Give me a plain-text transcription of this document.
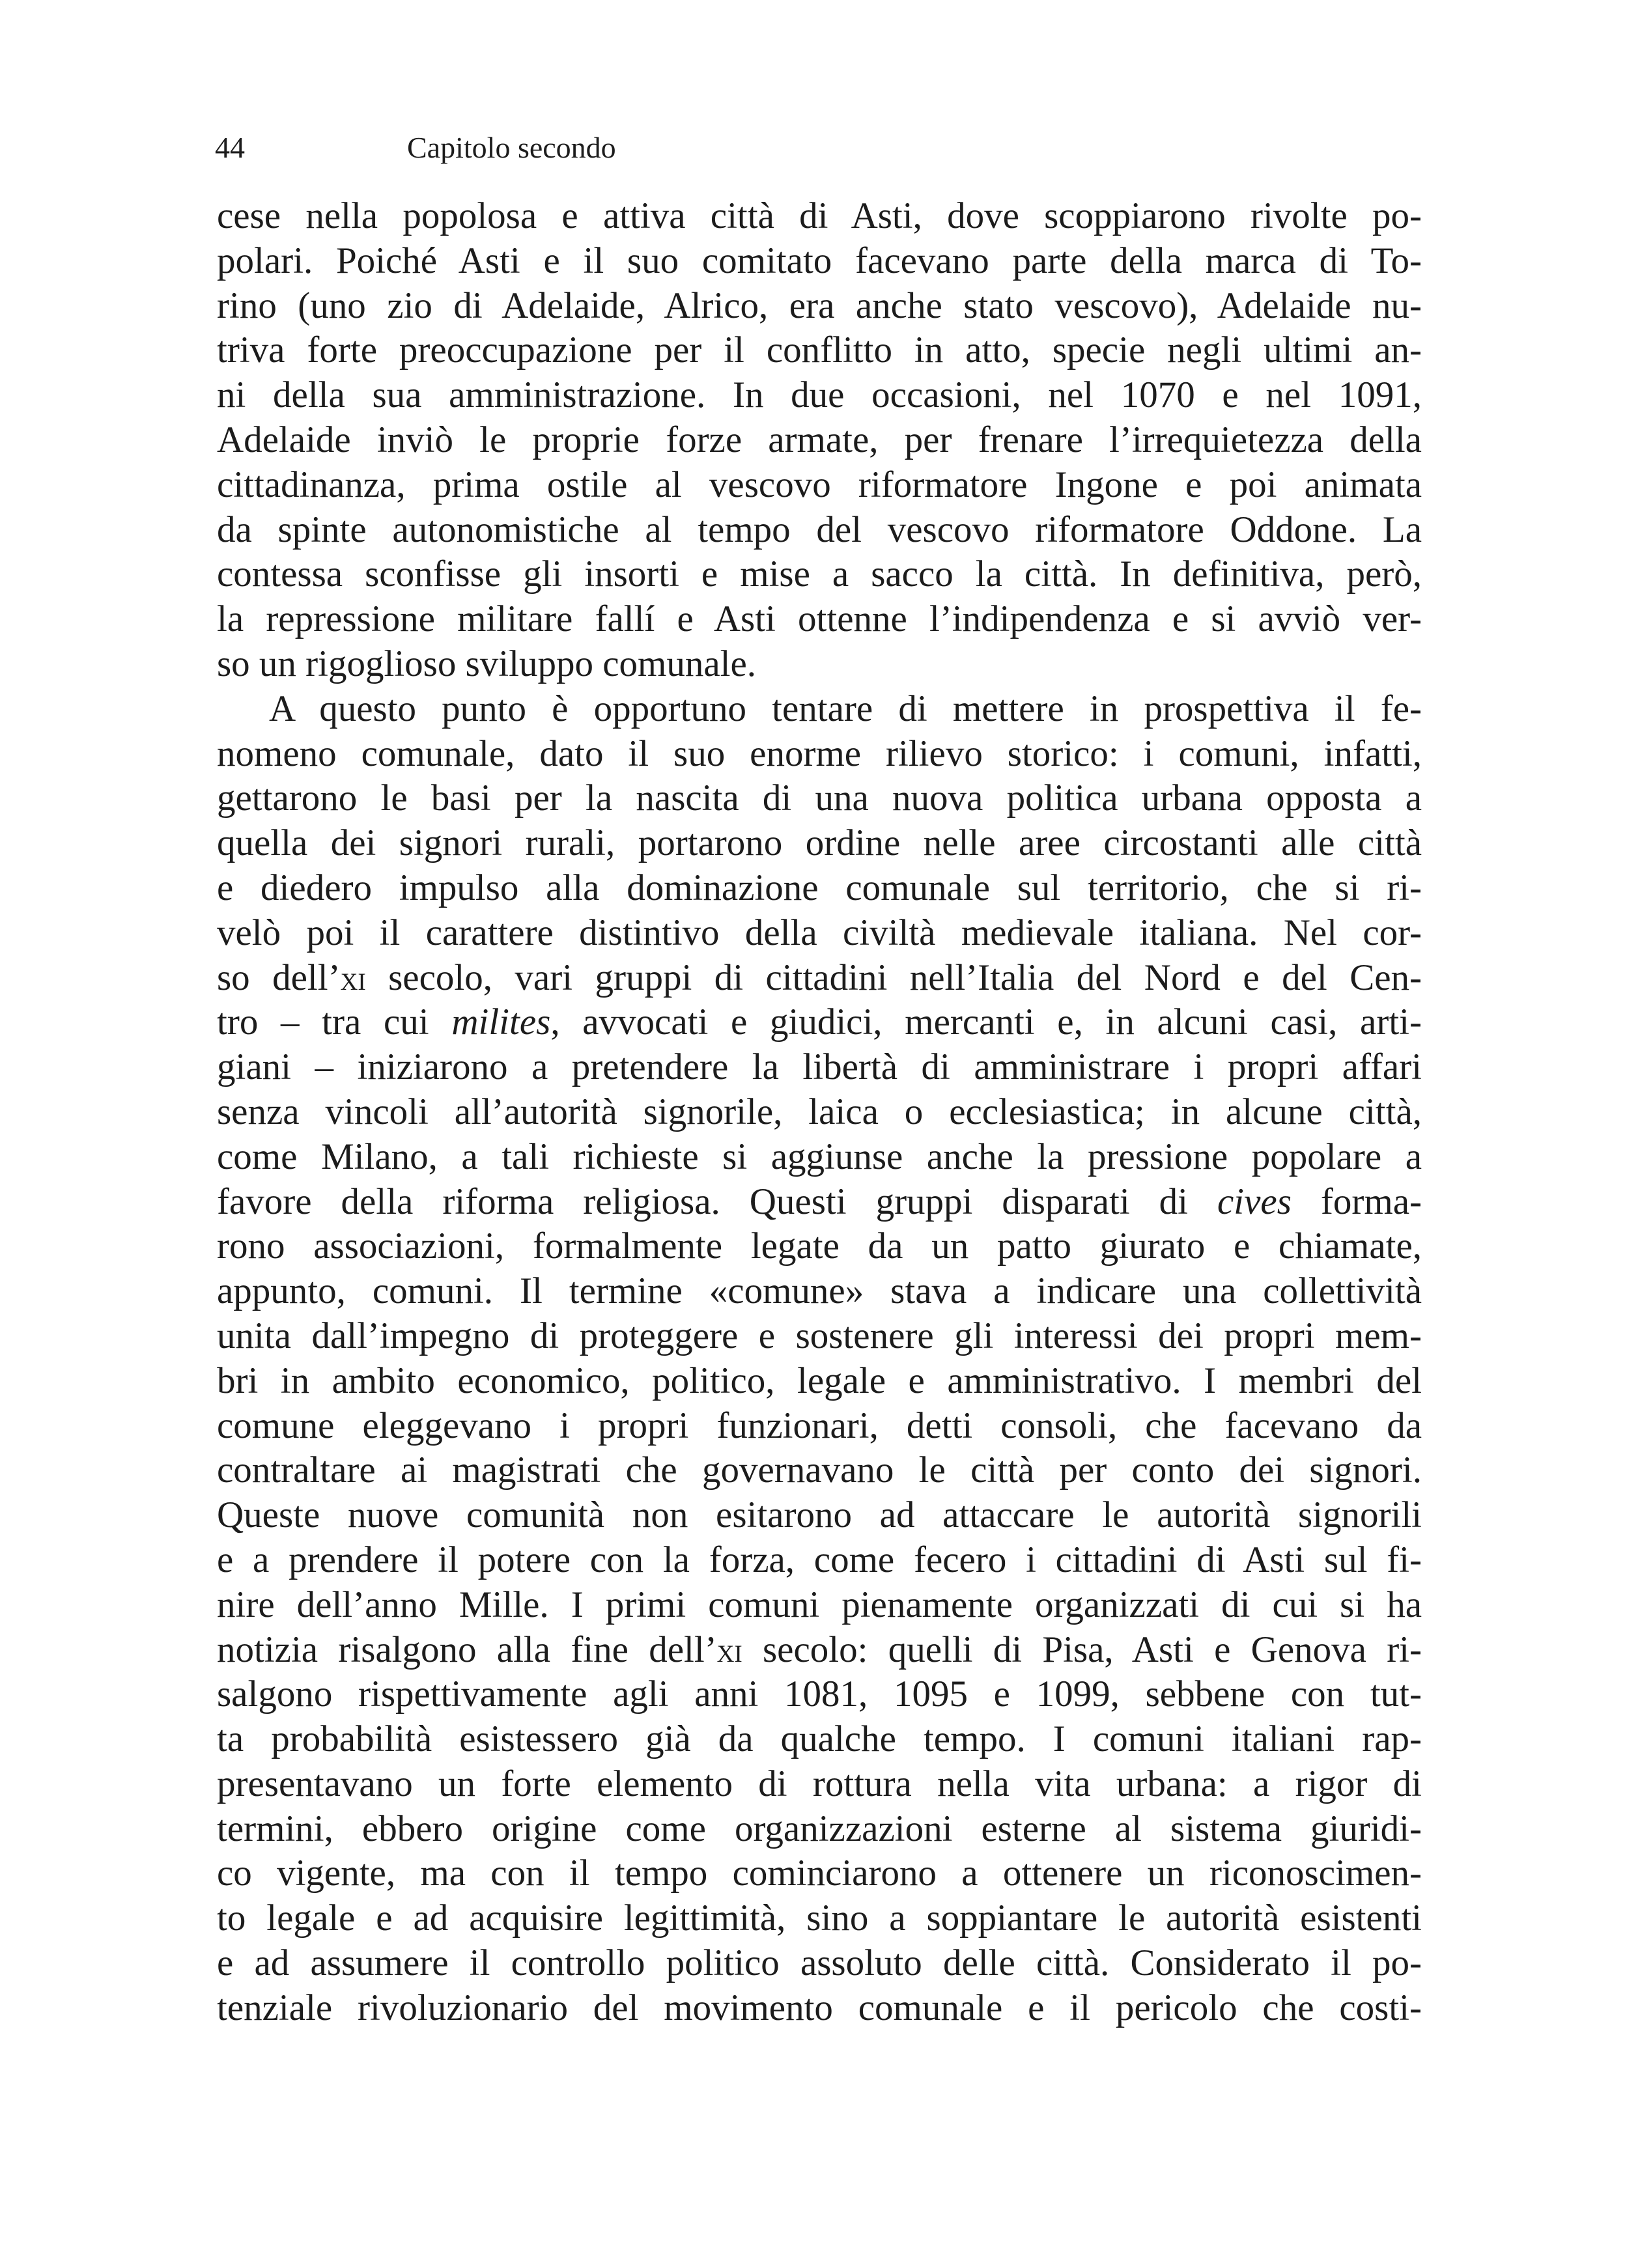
44	Capitolo secondo
cese nella popolosa e attiva città di Asti, dove scoppiarono rivolte po-
polari. Poiché Asti e il suo comitato facevano parte della marca di To-
rino (uno zio di Adelaide, Alrico, era anche stato vescovo), Adelaide nu-
triva forte preoccupazione per il conflitto in atto, specie negli ultimi an-
ni della sua amministrazione. In due occasioni, nel 1070 e nel 1091,
Adelaide inviò le proprie forze armate, per frenare l’irrequietezza della
cittadinanza, prima ostile al vescovo riformatore Ingone e poi animata
da spinte autonomistiche al tempo del vescovo riformatore Oddone. La
contessa sconfisse gli insorti e mise a sacco la città. In definitiva, però,
la repressione militare fallí e Asti ottenne l’indipendenza e si avviò ver-
so un rigoglioso sviluppo comunale.
A questo punto è opportuno tentare di mettere in prospettiva il fe-
nomeno comunale, dato il suo enorme rilievo storico: i comuni, infatti,
gettarono le basi per la nascita di una nuova politica urbana opposta a
quella dei signori rurali, portarono ordine nelle aree circostanti alle città
e diedero impulso alla dominazione comunale sul territorio, che si ri-
velò poi il carattere distintivo della civiltà medievale italiana. Nel cor-
so dell’xi secolo, vari gruppi di cittadini nell’Italia del Nord e del Cen-
tro – tra cui milites, avvocati e giudici, mercanti e, in alcuni casi, arti-
giani – iniziarono a pretendere la libertà di amministrare i propri affari
senza vincoli all’autorità signorile, laica o ecclesiastica; in alcune città,
come Milano, a tali richieste si aggiunse anche la pressione popolare a
favore della riforma religiosa. Questi gruppi disparati di cives forma-
rono associazioni, formalmente legate da un patto giurato e chiamate,
appunto, comuni. Il termine «comune» stava a indicare una collettività
unita dall’impegno di proteggere e sostenere gli interessi dei propri mem-
bri in ambito economico, politico, legale e amministrativo. I membri del
comune eleggevano i propri funzionari, detti consoli, che facevano da
contraltare ai magistrati che governavano le città per conto dei signori.
Queste nuove comunità non esitarono ad attaccare le autorità signorili
e a prendere il potere con la forza, come fecero i cittadini di Asti sul fi-
nire dell’anno Mille. I primi comuni pienamente organizzati di cui si ha
notizia risalgono alla fine dell’xi secolo: quelli di Pisa, Asti e Genova ri-
salgono rispettivamente agli anni 1081, 1095 e 1099, sebbene con tut-
ta probabilità esistessero già da qualche tempo. I comuni italiani rap-
presentavano un forte elemento di rottura nella vita urbana: a rigor di
termini, ebbero origine come organizzazioni esterne al sistema giuridi-
co vigente, ma con il tempo cominciarono a ottenere un riconoscimen-
to legale e ad acquisire legittimità, sino a soppiantare le autorità esistenti
e ad assumere il controllo politico assoluto delle città. Considerato il po-
tenziale rivoluzionario del movimento comunale e il pericolo che costi-
